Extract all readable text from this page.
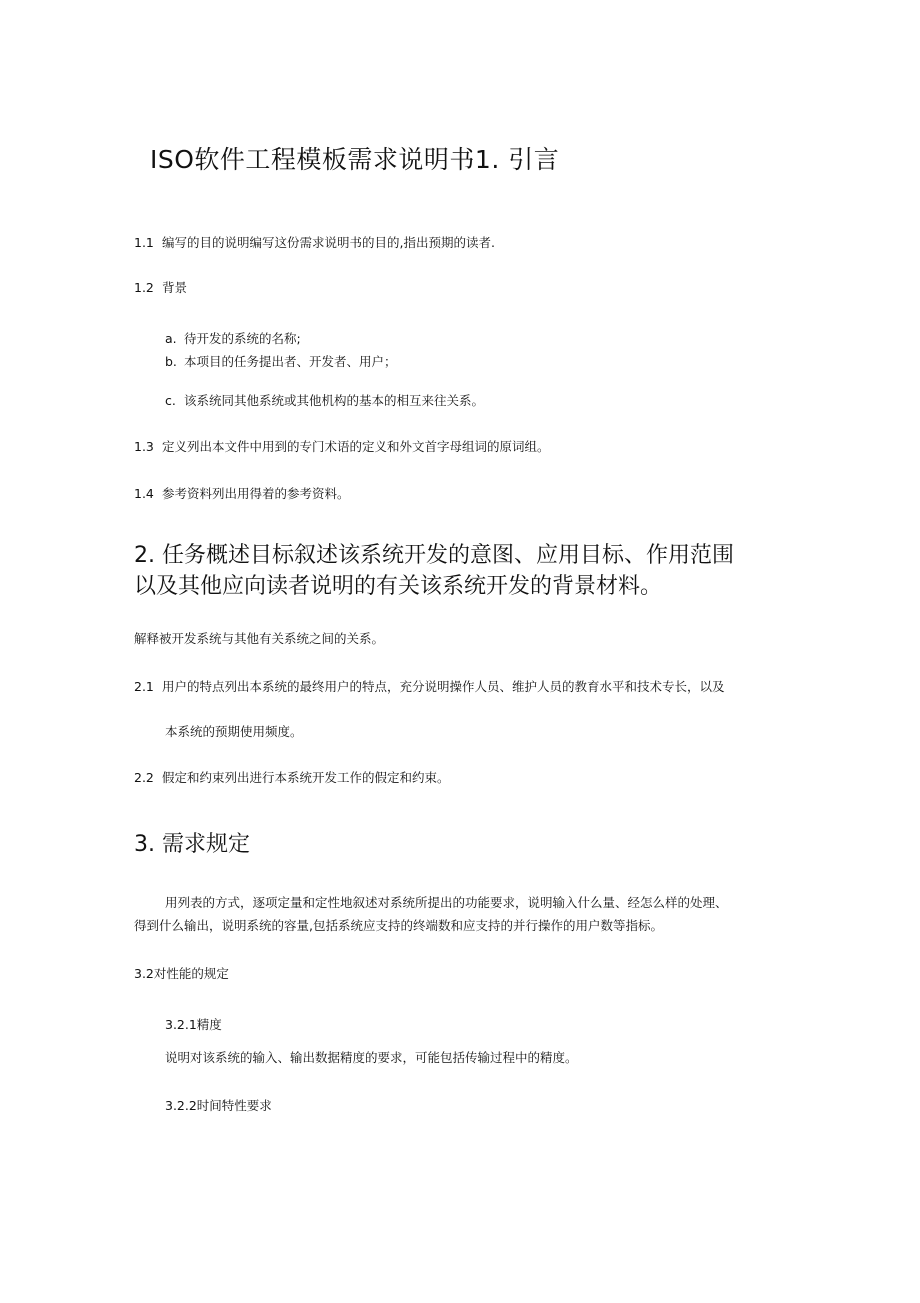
ISO软件工程模板需求说明书1. 引言
1.1 编写的目的说明编写这份需求说明书的目的,指出预期的读者.
1.2 背景
a. 待开发的系统的名称;
b. 本项目的任务提出者、开发者、用户；
c. 该系统同其他系统或其他机构的基本的相互来往关系。
1.3 定义列出本文件中用到的专门术语的定义和外文首字母组词的原词组。
1.4 参考资料列出用得着的参考资料。
2. 任务概述目标叙述该系统开发的意图、应用目标、作用范围
以及其他应向读者说明的有关该系统开发的背景材料。
解释被开发系统与其他有关系统之间的关系。
2.1 用户的特点列出本系统的最终用户的特点，充分说明操作人员、维护人员的教育水平和技术专长，以及
本系统的预期使用频度。
2.2 假定和约束列出进行本系统开发工作的假定和约束。
3. 需求规定
用列表的方式，逐项定量和定性地叙述对系统所提出的功能要求，说明输入什么量、经怎么样的处理、
得到什么输出，说明系统的容量,包括系统应支持的终端数和应支持的并行操作的用户数等指标。
3.2对性能的规定
3.2.1精度
说明对该系统的输入、输出数据精度的要求，可能包括传输过程中的精度。
3.2.2时间特性要求
